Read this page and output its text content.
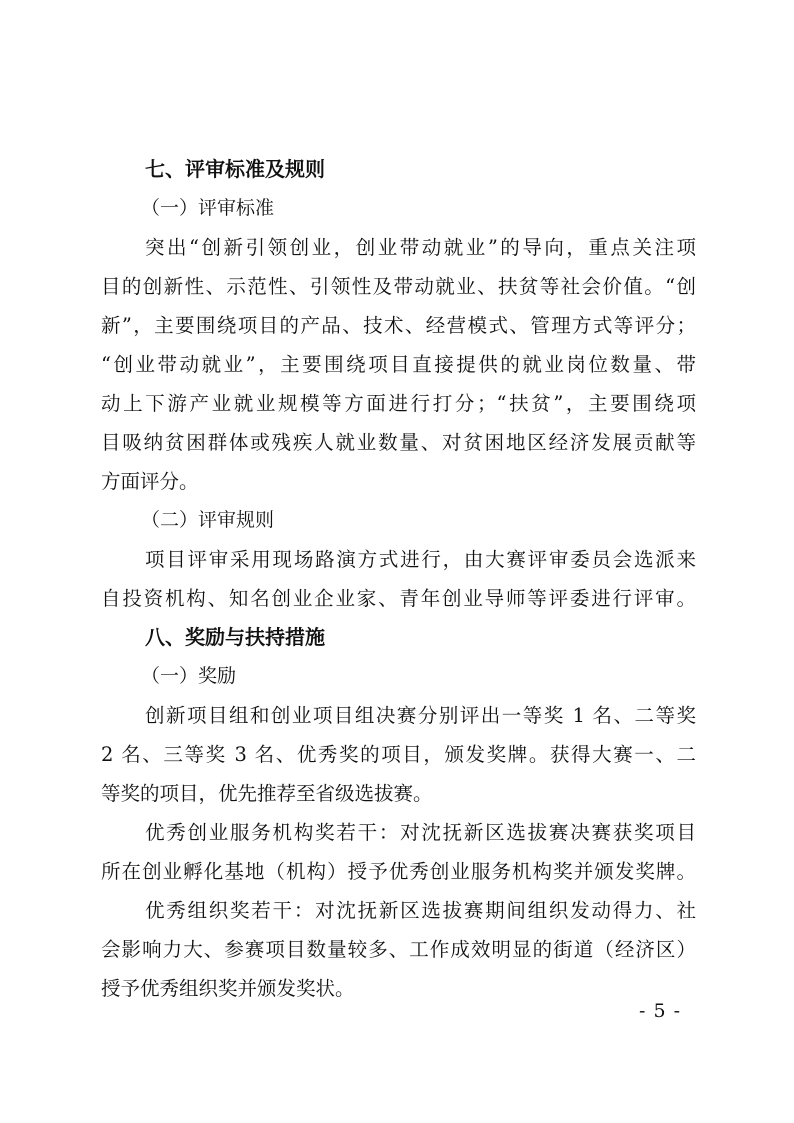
七、评审标准及规则
（一）评审标准
突出“创新引领创业，创业带动就业”的导向，重点关注项
目的创新性、示范性、引领性及带动就业、扶贫等社会价值。“创
新”，主要围绕项目的产品、技术、经营模式、管理方式等评分；
“创业带动就业”，主要围绕项目直接提供的就业岗位数量、带
动上下游产业就业规模等方面进行打分；“扶贫”，主要围绕项
目吸纳贫困群体或残疾人就业数量、对贫困地区经济发展贡献等
方面评分。
（二）评审规则
项目评审采用现场路演方式进行，由大赛评审委员会选派来
自投资机构、知名创业企业家、青年创业导师等评委进行评审。
八、奖励与扶持措施
（一）奖励
创新项目组和创业项目组决赛分别评出一等奖 1 名、二等奖
2 名、三等奖 3 名、优秀奖的项目，颁发奖牌。获得大赛一、二
等奖的项目，优先推荐至省级选拔赛。
优秀创业服务机构奖若干：对沈抚新区选拔赛决赛获奖项目
所在创业孵化基地（机构）授予优秀创业服务机构奖并颁发奖牌。
优秀组织奖若干：对沈抚新区选拔赛期间组织发动得力、社
会影响力大、参赛项目数量较多、工作成效明显的街道（经济区）
授予优秀组织奖并颁发奖状。
- 5 -
